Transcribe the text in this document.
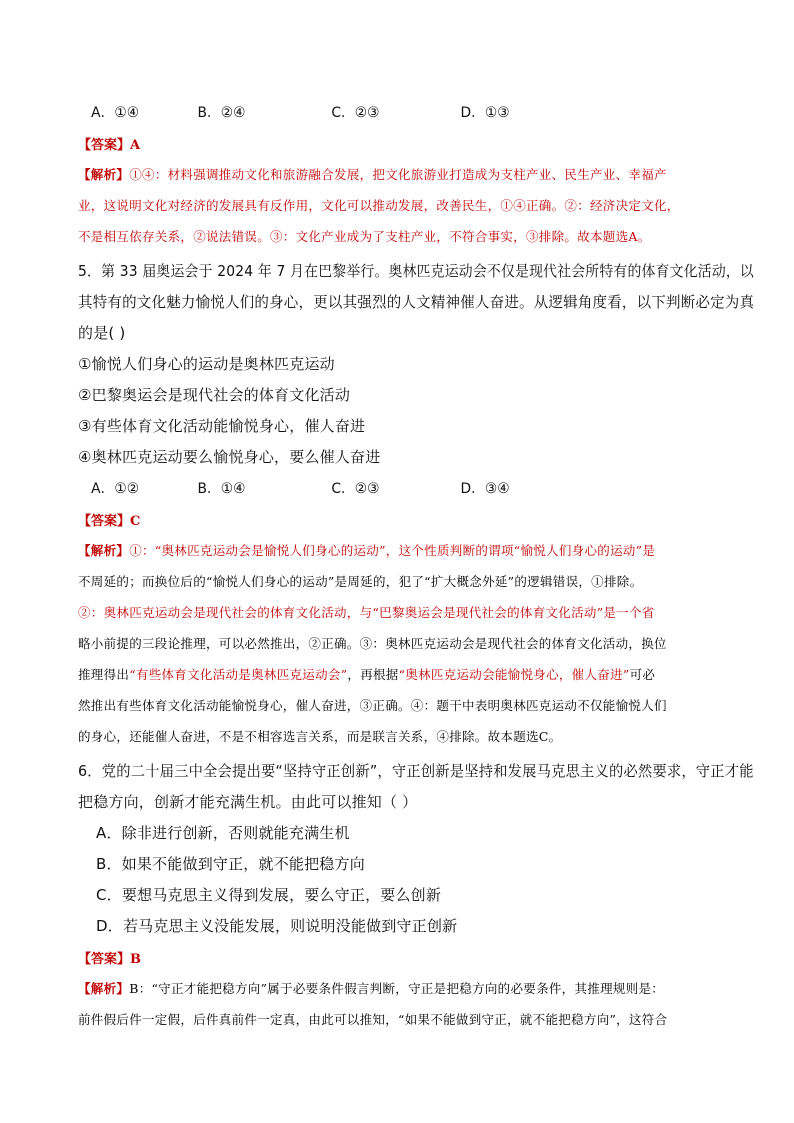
A．①④	B．②④	C．②③	D．①③
【答案】A
【解析】①④：材料强调推动文化和旅游融合发展，把文化旅游业打造成为支柱产业、民生产业、幸福产
业，这说明文化对经济的发展具有反作用，文化可以推动发展，改善民生，①④正确。②：经济决定文化，
不是相互依存关系，②说法错误。③：文化产业成为了支柱产业，不符合事实，③排除。故本题选A。
5．第 33 届奥运会于 2024 年 7 月在巴黎举行。奥林匹克运动会不仅是现代社会所特有的体育文化活动，以
其特有的文化魅力愉悦人们的身心，更以其强烈的人文精神催人奋进。从逻辑角度看，以下判断必定为真
的是( )
①愉悦人们身心的运动是奥林匹克运动
②巴黎奥运会是现代社会的体育文化活动
③有些体育文化活动能愉悦身心，催人奋进
④奥林匹克运动要么愉悦身心，要么催人奋进
A．①②	B．①④	C．②③	D．③④
【答案】C
【解析】①：“奥林匹克运动会是愉悦人们身心的运动”，这个性质判断的谓项“愉悦人们身心的运动”是
不周延的；而换位后的“愉悦人们身心的运动”是周延的，犯了“扩大概念外延”的逻辑错误，①排除。
②：奥林匹克运动会是现代社会的体育文化活动，与“巴黎奥运会是现代社会的体育文化活动”是一个省
略小前提的三段论推理，可以必然推出，②正确。③：奥林匹克运动会是现代社会的体育文化活动，换位
推理得出“有些体育文化活动是奥林匹克运动会”，再根据“奥林匹克运动会能愉悦身心，催人奋进”可必
然推出有些体育文化活动能愉悦身心，催人奋进，③正确。④：题干中表明奥林匹克运动不仅能愉悦人们
的身心，还能催人奋进，不是不相容选言关系，而是联言关系，④排除。故本题选C。
6．党的二十届三中全会提出要“坚持守正创新”，守正创新是坚持和发展马克思主义的必然要求，守正才能
把稳方向，创新才能充满生机。由此可以推知（ ）
A．除非进行创新，否则就能充满生机
B．如果不能做到守正，就不能把稳方向
C．要想马克思主义得到发展，要么守正，要么创新
D．若马克思主义没能发展，则说明没能做到守正创新
【答案】B
【解析】B：“守正才能把稳方向”属于必要条件假言判断，守正是把稳方向的必要条件，其推理规则是：
前件假后件一定假，后件真前件一定真，由此可以推知，“如果不能做到守正，就不能把稳方向”，这符合
